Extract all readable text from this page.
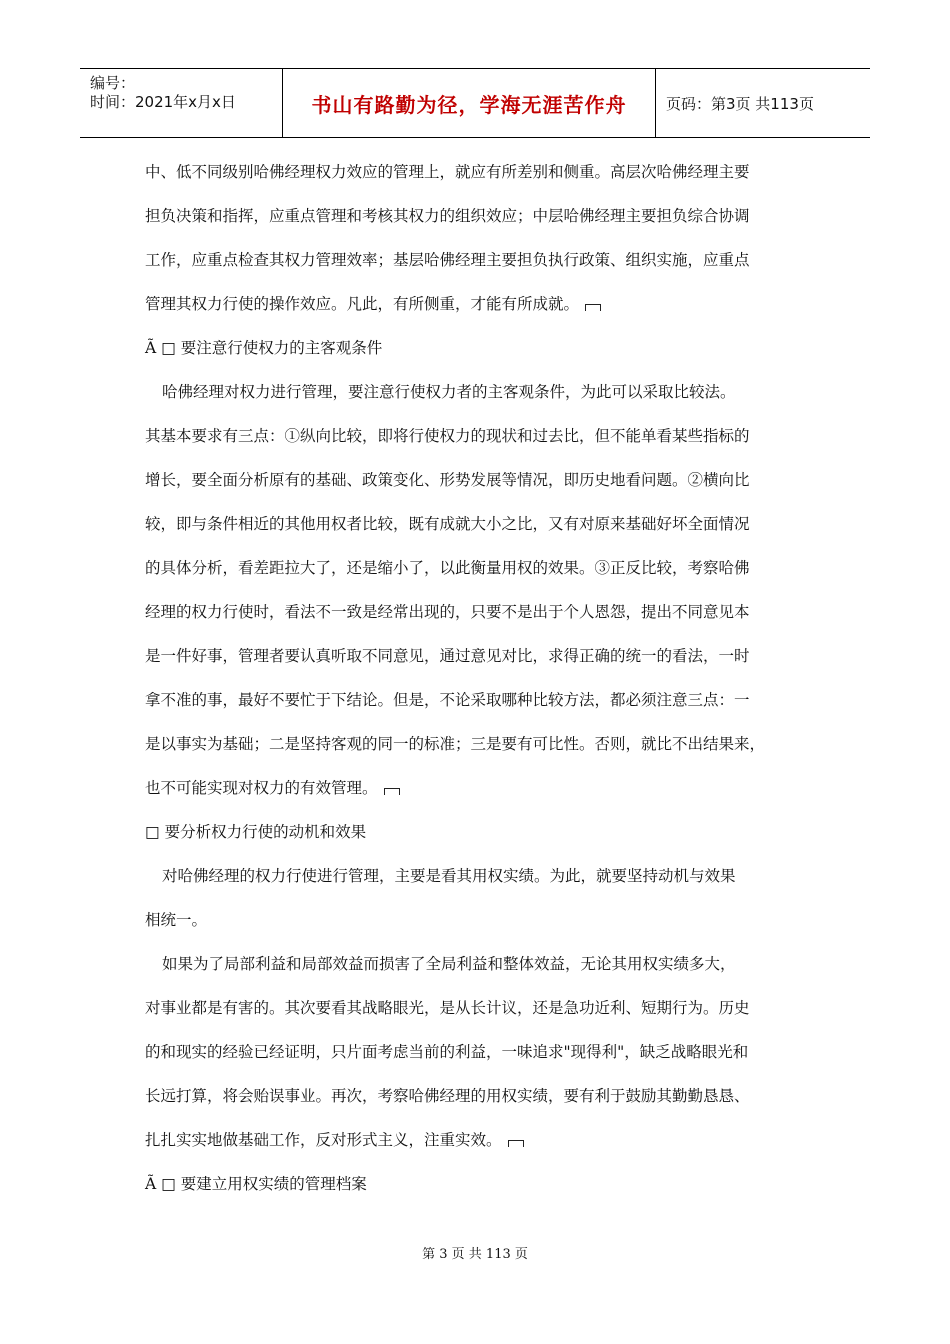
编号：
时间：2021年x月x日	书山有路勤为径，学海无涯苦作舟	页码：第3页 共113页
中、低不同级别哈佛经理权力效应的管理上，就应有所差别和侧重。高层次哈佛经理主要
担负决策和指挥，应重点管理和考核其权力的组织效应；中层哈佛经理主要担负综合协调
工作，应重点检查其权力管理效率；基层哈佛经理主要担负执行政策、组织实施，应重点
管理其权力行使的操作效应。凡此，有所侧重，才能有所成就。
Ã □ 要注意行使权力的主客观条件
哈佛经理对权力进行管理，要注意行使权力者的主客观条件，为此可以采取比较法。
其基本要求有三点：①纵向比较，即将行使权力的现状和过去比，但不能单看某些指标的
增长，要全面分析原有的基础、政策变化、形势发展等情况，即历史地看问题。②横向比
较，即与条件相近的其他用权者比较，既有成就大小之比，又有对原来基础好坏全面情况
的具体分析，看差距拉大了，还是缩小了，以此衡量用权的效果。③正反比较，考察哈佛
经理的权力行使时，看法不一致是经常出现的，只要不是出于个人恩怨，提出不同意见本
是一件好事，管理者要认真听取不同意见，通过意见对比，求得正确的统一的看法，一时
拿不准的事，最好不要忙于下结论。但是，不论采取哪种比较方法，都必须注意三点：一
是以事实为基础；二是坚持客观的同一的标准；三是要有可比性。否则，就比不出结果来，
也不可能实现对权力的有效管理。
□ 要分析权力行使的动机和效果
对哈佛经理的权力行使进行管理，主要是看其用权实绩。为此，就要坚持动机与效果
相统一。
如果为了局部利益和局部效益而损害了全局利益和整体效益，无论其用权实绩多大，
对事业都是有害的。其次要看其战略眼光，是从长计议，还是急功近利、短期行为。历史
的和现实的经验已经证明，只片面考虑当前的利益，一味追求"现得利"，缺乏战略眼光和
长远打算，将会贻误事业。再次，考察哈佛经理的用权实绩，要有利于鼓励其勤勤恳恳、
扎扎实实地做基础工作，反对形式主义，注重实效。
Ã □ 要建立用权实绩的管理档案
第 3 页 共 113 页
